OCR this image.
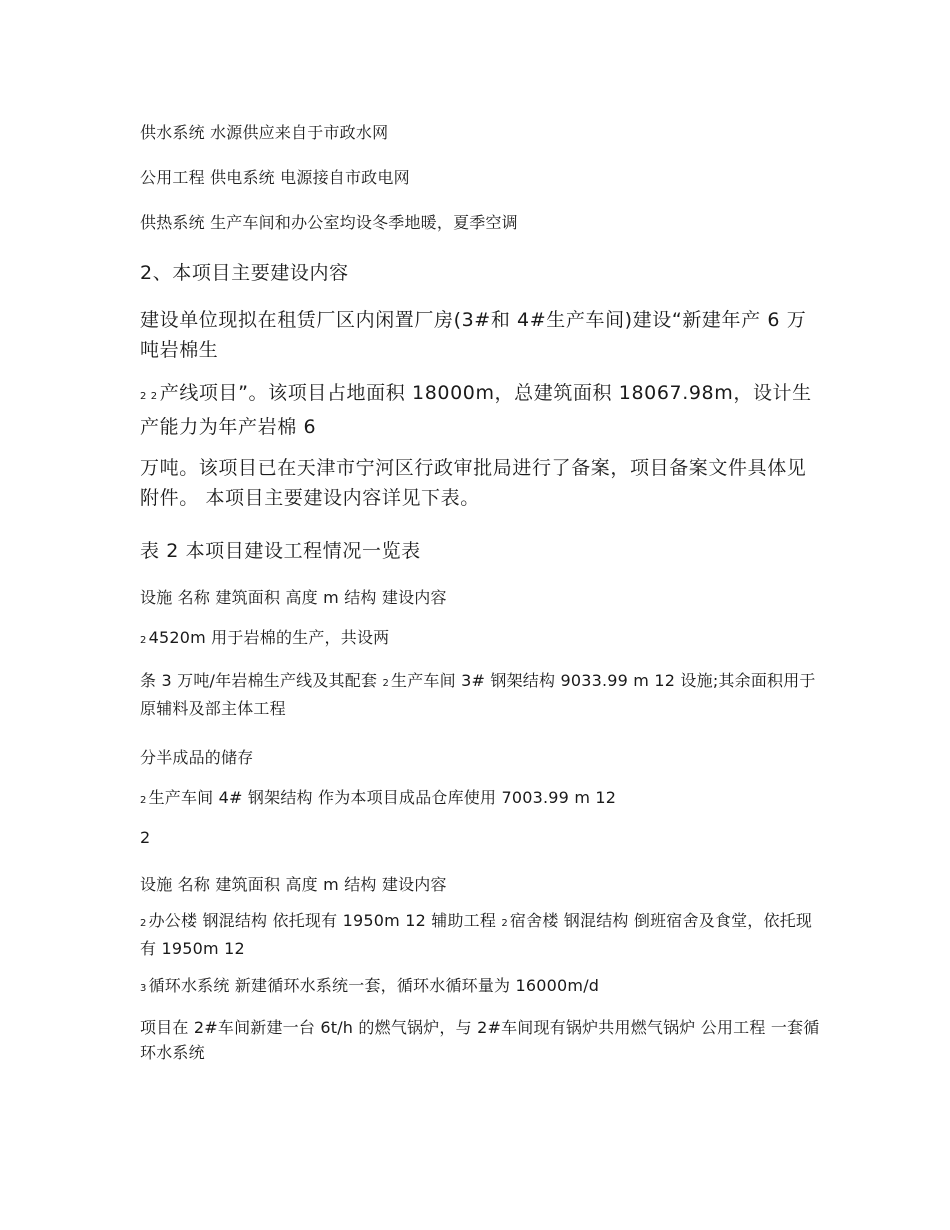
供水系统 水源供应来自于市政水网

公用工程 供电系统 电源接自市政电网

供热系统 生产车间和办公室均设冬季地暖，夏季空调

2、本项目主要建设内容

建设单位现拟在租赁厂区内闲置厂房(3#和 4#生产车间)建设“新建年产 6 万吨岩棉生

2 2 产线项目”。该项目占地面积 18000m，总建筑面积 18067.98m，设计生产能力为年产岩棉 6

万吨。该项目已在天津市宁河区行政审批局进行了备案，项目备案文件具体见附件。 本项目主要建设内容详见下表。

表 2 本项目建设工程情况一览表

设施 名称 建筑面积 高度 m 结构 建设内容

2 4520m 用于岩棉的生产，共设两

条 3 万吨/年岩棉生产线及其配套 2 生产车间 3# 钢架结构 9033.99 m 12 设施;其余面积用于原辅料及部主体工程

分半成品的储存

2 生产车间 4# 钢架结构 作为本项目成品仓库使用 7003.99 m 12

2

设施 名称 建筑面积 高度 m 结构 建设内容

2 办公楼 钢混结构 依托现有 1950m 12 辅助工程 2 宿舍楼 钢混结构 倒班宿舍及食堂，依托现有 1950m 12

3 循环水系统 新建循环水系统一套，循环水循环量为 16000m/d

项目在 2#车间新建一台 6t/h 的燃气锅炉，与 2#车间现有锅炉共用燃气锅炉 公用工程 一套循环水系统
